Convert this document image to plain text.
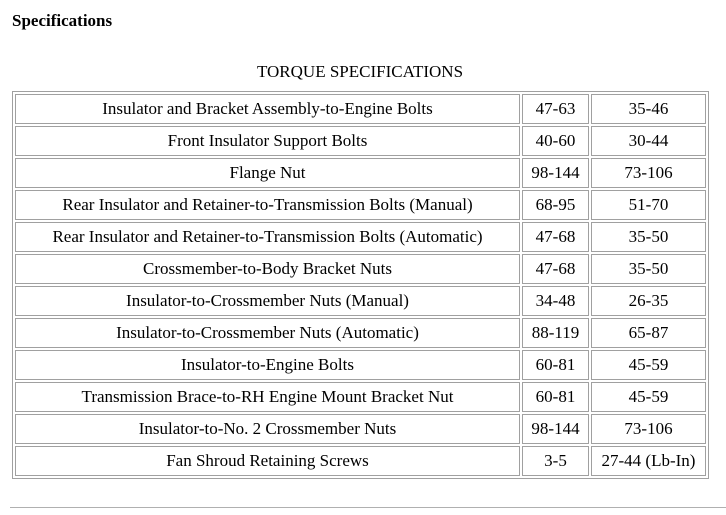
Specifications
TORQUE SPECIFICATIONS
Insulator and Bracket Assembly-to-Engine Bolts	47-63	35-46
Front Insulator Support Bolts	40-60	30-44
Flange Nut	98-144	73-106
Rear Insulator and Retainer-to-Transmission Bolts (Manual)	68-95	51-70
Rear Insulator and Retainer-to-Transmission Bolts (Automatic)	47-68	35-50
Crossmember-to-Body Bracket Nuts	47-68	35-50
Insulator-to-Crossmember Nuts (Manual)	34-48	26-35
Insulator-to-Crossmember Nuts (Automatic)	88-119	65-87
Insulator-to-Engine Bolts	60-81	45-59
Transmission Brace-to-RH Engine Mount Bracket Nut	60-81	45-59
Insulator-to-No. 2 Crossmember Nuts	98-144	73-106
Fan Shroud Retaining Screws	3-5	27-44 (Lb-In)
